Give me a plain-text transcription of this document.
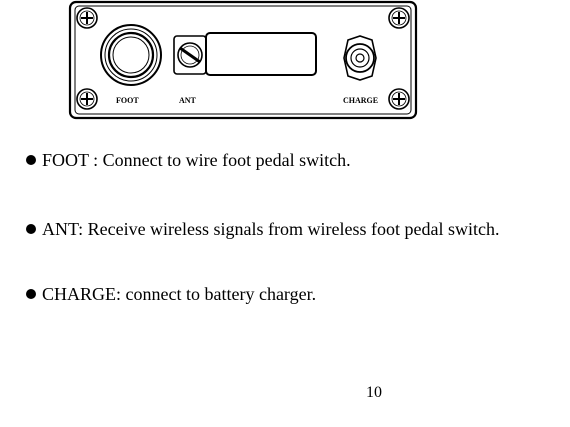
FOOT	ANT	CHARGE
FOOT : Connect to wire foot pedal switch.
ANT: Receive wireless signals from wireless foot pedal switch.
CHARGE: connect to battery charger.
10
